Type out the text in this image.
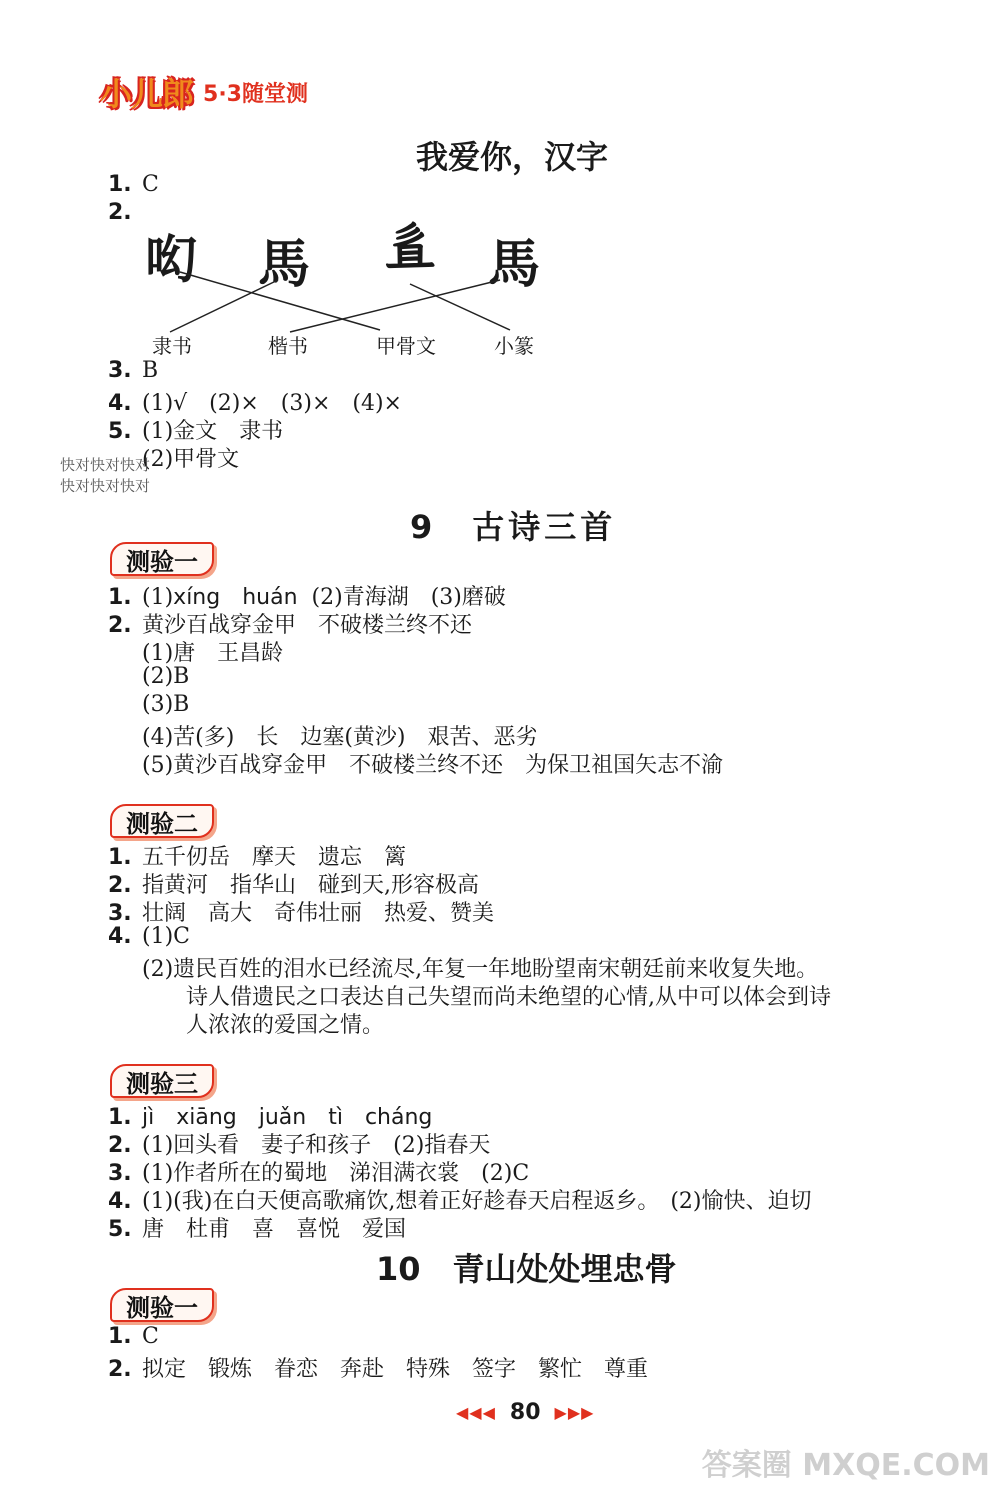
小儿郎 5·3随堂测
我爱你，汉字
1. C
2.
𠯻 馬 𢒉 馬
隶书	楷书	甲骨文	小篆
3. B
4. (1)√　(2)×　(3)×　(4)×
5. (1)金文　隶书
(2)甲骨文
快对快对快对
快对快对快对
9　古诗三首
测验一
1. (1) xíng　huán
(2)青海湖　(3)磨破
2. 黄沙百战穿金甲　不破楼兰终不还
(1)唐　王昌龄
(2)B
(3)B
(4)苦(多)　长　边塞(黄沙)　艰苦、恶劣
(5)黄沙百战穿金甲　不破楼兰终不还　为保卫祖国矢志不渝
测验二
1. 五千仞岳　摩天　遗忘　篱
2. 指黄河　指华山　碰到天,形容极高
3. 壮阔　高大　奇伟壮丽　热爱、赞美
4. (1)C
(2)遗民百姓的泪水已经流尽,年复一年地盼望南宋朝廷前来收复失地。
诗人借遗民之口表达自己失望而尚未绝望的心情,从中可以体会到诗
人浓浓的爱国之情。
测验三
1. jì　xiāng　juǎn　tì　cháng
2. (1)回头看　妻子和孩子　(2)指春天
3. (1)作者所在的蜀地　涕泪满衣裳　(2)C
4. (1)(我)在白天便高歌痛饮,想着正好趁春天启程返乡。　(2)愉快、迫切
5. 唐　杜甫　喜　喜悦　爱国
10　青山处处埋忠骨
测验一
1. C
2. 拟定　锻炼　眷恋　奔赴　特殊　签字　繁忙　尊重
◀◀◀ 80 ▶▶▶
答案圈 MXQE.COM
